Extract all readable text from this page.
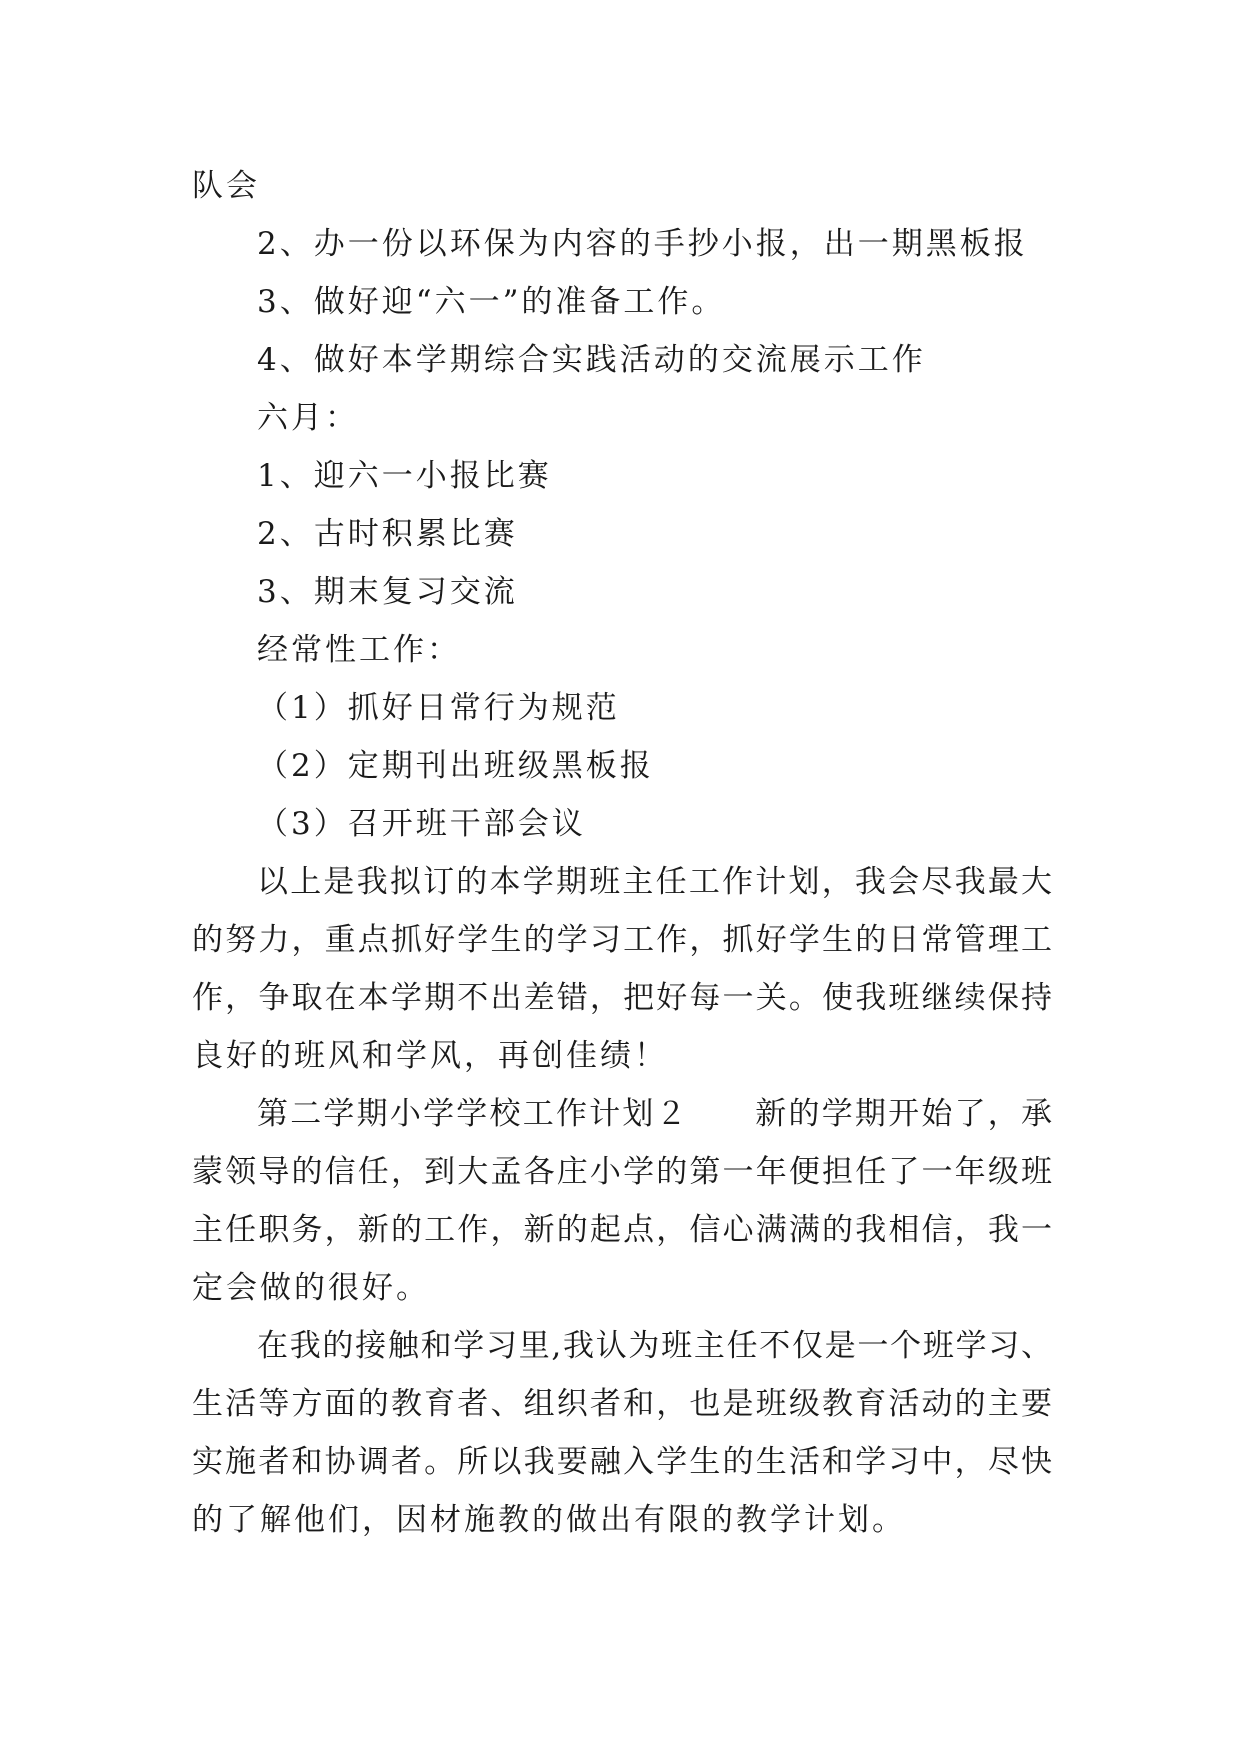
队会
2、办一份以环保为内容的手抄小报，出一期黑板报
3、做好迎“六一”的准备工作。
4、做好本学期综合实践活动的交流展示工作
六月：
1、迎六一小报比赛
2、古时积累比赛
3、期末复习交流
经常性工作：
（1）抓好日常行为规范
（2）定期刊出班级黑板报
（3）召开班干部会议
以上是我拟订的本学期班主任工作计划，我会尽我最大
的努力，重点抓好学生的学习工作，抓好学生的日常管理工
作，争取在本学期不出差错，把好每一关。使我班继续保持
良好的班风和学风，再创佳绩！
第二学期小学学校工作计划２　　新的学期开始了，承
蒙领导的信任，到大孟各庄小学的第一年便担任了一年级班
主任职务，新的工作，新的起点，信心满满的我相信，我一
定会做的很好。
在我的接触和学习里,我认为班主任不仅是一个班学习、
生活等方面的教育者、组织者和，也是班级教育活动的主要
实施者和协调者。所以我要融入学生的生活和学习中，尽快
的了解他们，因材施教的做出有限的教学计划。
